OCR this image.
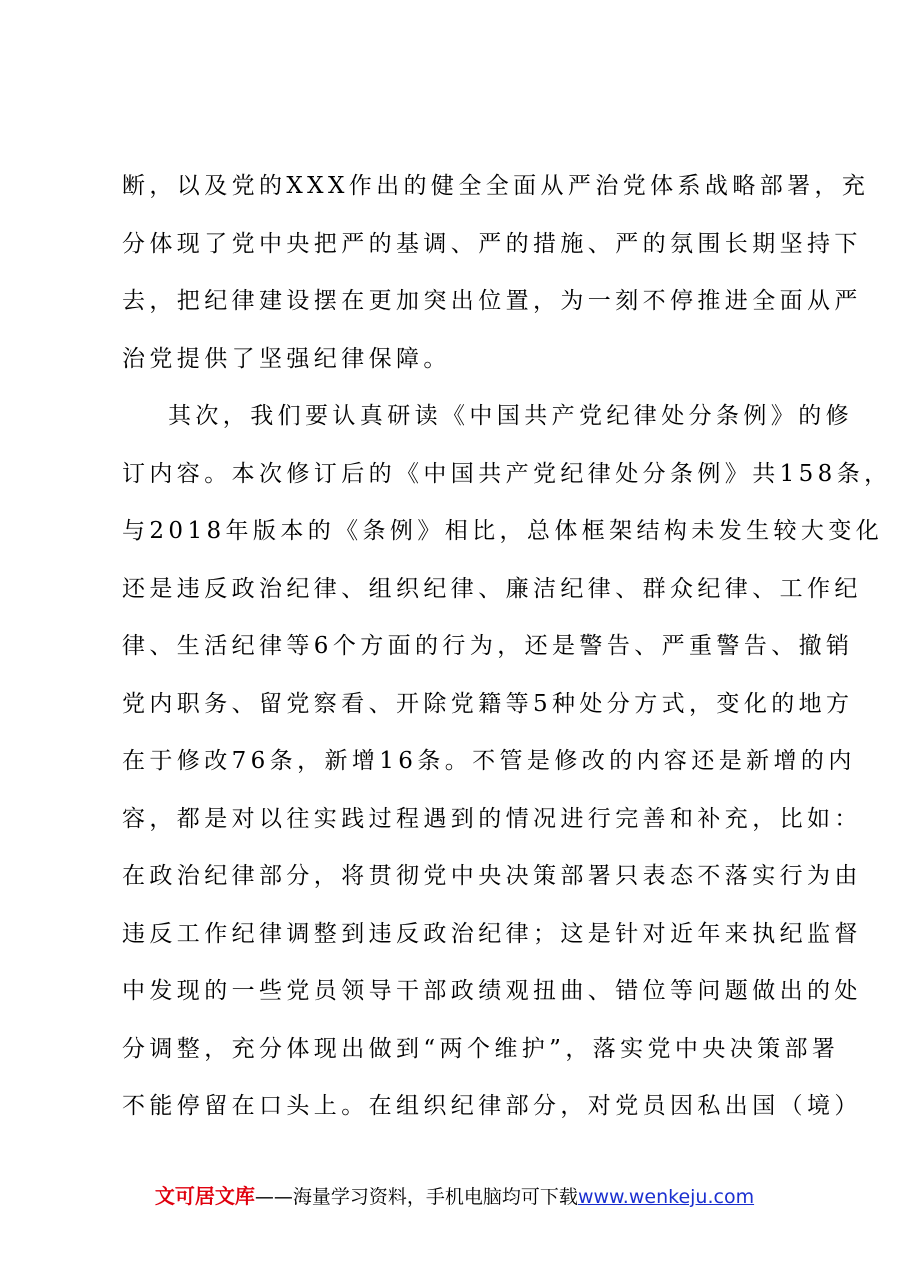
断，以及党的XXX作出的健全全面从严治党体系战略部署，充
分体现了党中央把严的基调、严的措施、严的氛围长期坚持下
去，把纪律建设摆在更加突出位置，为一刻不停推进全面从严
治党提供了坚强纪律保障。
其次，我们要认真研读《中国共产党纪律处分条例》的修
订内容。本次修订后的《中国共产党纪律处分条例》共158条，
与2018年版本的《条例》相比，总体框架结构未发生较大变化
还是违反政治纪律、组织纪律、廉洁纪律、群众纪律、工作纪
律、生活纪律等6个方面的行为，还是警告、严重警告、撤销
党内职务、留党察看、开除党籍等5种处分方式，变化的地方
在于修改76条，新增16条。不管是修改的内容还是新增的内
容，都是对以往实践过程遇到的情况进行完善和补充，比如：
在政治纪律部分，将贯彻党中央决策部署只表态不落实行为由
违反工作纪律调整到违反政治纪律；这是针对近年来执纪监督
中发现的一些党员领导干部政绩观扭曲、错位等问题做出的处
分调整，充分体现出做到“两个维护”，落实党中央决策部署
不能停留在口头上。在组织纪律部分，对党员因私出国（境）
文可居文库——海量学习资料，手机电脑均可下载www.wenkeju.com
